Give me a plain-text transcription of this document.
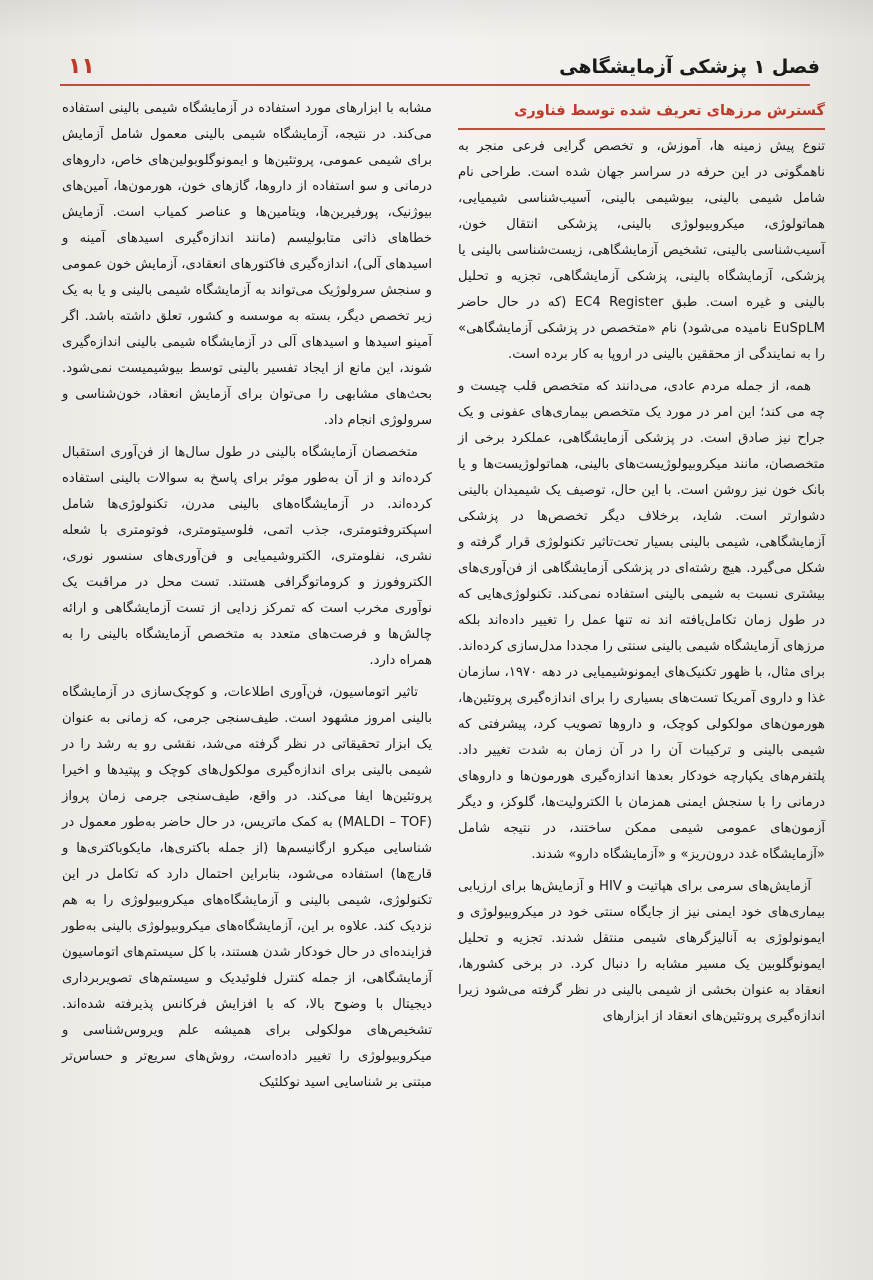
فصل ۱ پزشکی آزمایشگاهی
۱۱
گسترش مرزهای تعریف شده توسط فناوری

تنوع پیش زمینه ها، آموزش، و تخصص گرایی فرعی منجر به ناهمگونی در این حرفه در سراسر جهان شده است. طراحی نام شامل شیمی بالینی، بیوشیمی بالینی، آسیب‌شناسی شیمیایی، هماتولوژی، میکروبیولوژی بالینی، پزشکی انتقال خون، آسیب‌شناسی بالینی، تشخیص آزمایشگاهی، زیست‌شناسی بالینی یا پزشکی، آزمایشگاه بالینی، پزشکی آزمایشگاهی، تجزیه و تحلیل بالینی و غیره است. طبق EC4 Register (که در حال حاضر EuSpLM نامیده می‌شود) نام «متخصص در پزشکی آزمایشگاهی» را به نمایندگی از محققین بالینی در اروپا به کار برده است.

همه، از جمله مردم عادی، می‌دانند که متخصص قلب چیست و چه می کند؛ این امر در مورد یک متخصص بیماری‌های عفونی و یک جراح نیز صادق است. در پزشکی آزمایشگاهی، عملکرد برخی از متخصصان، مانند میکروبیولوژیست‌های بالینی، هماتولوژیست‌ها و یا بانک خون نیز روشن است. با این حال، توصیف یک شیمیدان بالینی دشوارتر است. شاید، برخلاف دیگر تخصص‌ها در پزشکی آزمایشگاهی، شیمی بالینی بسیار تحت‌تاثیر تکنولوژی قرار گرفته و شکل می‌گیرد. هیچ رشته‌ای در پزشکی آزمایشگاهی از فن‌آوری‌های بیشتری نسبت به شیمی بالینی استفاده نمی‌کند. تکنولوژی‌هایی که در طول زمان تکامل‌یافته اند نه تنها عمل را تغییر داده‌اند بلکه مرزهای آزمایشگاه شیمی بالینی سنتی را مجددا مدل‌سازی کرده‌اند. برای مثال، با ظهور تکنیک‌های ایمونوشیمیایی در دهه ۱۹۷۰، سازمان غذا و داروی آمریکا تست‌های بسیاری را برای اندازه‌گیری پروتئین‌ها، هورمون‌های مولکولی کوچک، و داروها تصویب کرد، پیشرفتی که شیمی بالینی و ترکیبات آن را در آن زمان به شدت تغییر داد. پلتفرم‌های یکپارچه خودکار بعدها اندازه‌گیری هورمون‌ها و داروهای درمانی را با سنجش ایمنی همزمان با الکترولیت‌ها، گلوکز، و دیگر آزمون‌های عمومی شیمی ممکن ساختند، در نتیجه شامل «آزمایشگاه غدد درون‌ریز» و «آزمایشگاه دارو» شدند.

آزمایش‌های سرمی برای هپاتیت و HIV و آزمایش‌ها برای ارزیابی بیماری‌های خود ایمنی نیز از جایگاه سنتی خود در میکروبیولوژی و ایمونولوژی به آنالیزگرهای شیمی منتقل شدند. تجزیه و تحلیل ایمونوگلوبین یک مسیر مشابه را دنبال کرد. در برخی کشورها، انعقاد به عنوان بخشی از شیمی بالینی در نظر گرفته می‌شود زیرا اندازه‌گیری پروتئین‌های انعقاد از ابزارهای

مشابه با ابزارهای مورد استفاده در آزمایشگاه شیمی بالینی استفاده می‌کند. در نتیجه، آزمایشگاه شیمی بالینی معمول شامل آزمایش برای شیمی عمومی، پروتئین‌ها و ایمونوگلوبولین‌های خاص، داروهای درمانی و سو استفاده از داروها، گازهای خون، هورمون‌ها، آمین‌های بیوژنیک، پورفیرین‌ها، ویتامین‌ها و عناصر کمیاب است. آزمایش خطاهای ذاتی متابولیسم (مانند اندازه‌گیری اسیدهای آمینه و اسیدهای آلی)، اندازه‌گیری فاکتورهای انعقادی، آزمایش خون عمومی و سنجش سرولوژیک می‌تواند به آزمایشگاه شیمی بالینی و یا به یک زیر تخصص دیگر، بسته به موسسه و کشور، تعلق داشته باشد. اگر آمینو اسیدها و اسیدهای آلی در آزمایشگاه شیمی بالینی اندازه‌گیری شوند، این مانع از ایجاد تفسیر بالینی توسط بیوشیمیست نمی‌شود. بحث‌های مشابهی را می‌توان برای آزمایش انعقاد، خون‌شناسی و سرولوژی انجام داد.

متخصصان آزمایشگاه بالینی در طول سال‌ها از فن‌آوری استقبال کرده‌اند و از آن به‌طور موثر برای پاسخ به سوالات بالینی استفاده کرده‌اند. در آزمایشگاه‌های بالینی مدرن، تکنولوژی‌ها شامل اسپکتروفتومتری، جذب اتمی، فلوسیتومتری، فوتومتری با شعله نشری، نفلومتری، الکتروشیمیایی و فن‌آوری‌های سنسور نوری، الکتروفورز و کروماتوگرافی هستند. تست محل در مراقبت یک نوآوری مخرب است که تمرکز زدایی از تست آزمایشگاهی و ارائه چالش‌ها و فرصت‌های متعدد به متخصص آزمایشگاه بالینی را به همراه دارد.

تاثیر اتوماسیون، فن‌آوری اطلاعات، و کوچک‌سازی در آزمایشگاه بالینی امروز مشهود است. طیف‌سنجی جرمی، که زمانی به عنوان یک ابزار تحقیقاتی در نظر گرفته می‌شد، نقشی رو به رشد را در شیمی بالینی برای اندازه‌گیری مولکول‌های کوچک و پپتیدها و اخیرا پروتئین‌ها ایفا می‌کند. در واقع، طیف‌سنجی جرمی زمان پرواز (MALDI – TOF) به کمک ماتریس، در حال حاضر به‌طور معمول در شناسایی میکرو ارگانیسم‌ها (از جمله باکتری‌ها، مایکوباکتری‌ها و قارچ‌ها) استفاده می‌شود، بنابراین احتمال دارد که تکامل در این تکنولوژی، شیمی بالینی و آزمایشگاه‌های میکروبیولوژی را به هم نزدیک کند. علاوه بر این، آزمایشگاه‌های میکروبیولوژی بالینی به‌طور فزاینده‌ای در حال خودکار شدن هستند، با کل سیستم‌های اتوماسیون آزمایشگاهی، از جمله کنترل فلوئیدیک و سیستم‌های تصویربرداری دیجیتال با وضوح بالا، که با افزایش فرکانس پذیرفته شده‌اند. تشخیص‌های مولکولی برای همیشه علم ویروس‌شناسی و میکروبیولوژی را تغییر داده‌است، روش‌های سریع‌تر و حساس‌تر مبتنی بر شناسایی اسید نوکلئیک
